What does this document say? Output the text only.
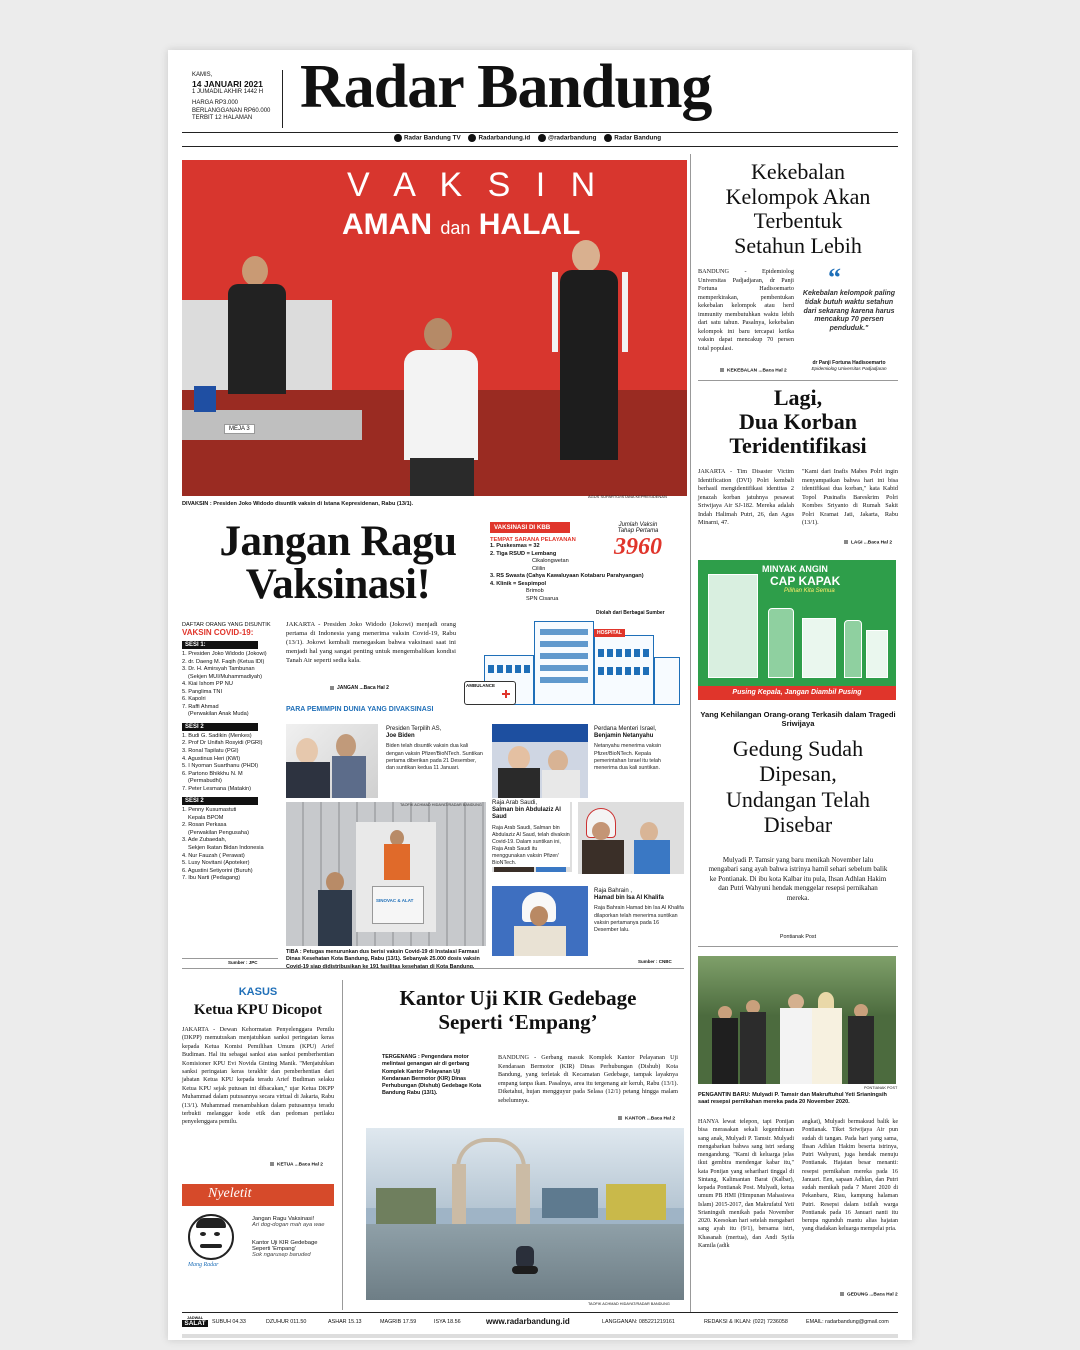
KAMIS,
14 JANUARI 2021
1 JUMADIL AKHIR 1442 H
HARGA RP3.000
BERLANGGANAN RP60.000
TERBIT 12 HALAMAN Radar Bandung
Radar Bandung TV	Radarbandung.id	@radarbandung	Radar Bandung
V A K S I N
AMAN dan HALAL
MEJA 3
DIVAKSIN : Presiden Joko Widodo disuntik vaksin di Istana Kepresidenan, Rabu (13/1).
AGUS SUPARTO/ISTANA KEPRESIDENAN
Jangan Ragu
Vaksinasi!
VAKSINASI DI KBB
TEMPAT SARANA PELAYANAN
1. Puskesmas = 32
2. Tiga RSUD = Lembang
Cikalongwetan
Cililin
3. RS Swasta (Cahya Kawaluyaan Kotabaru Parahyangan)
4. Klinik = Sespimpol
Brimob
SPN Cisarua
Jumlah Vaksin
Tahap Pertama
3960
Diolah dari Berbagai Sumber
HOSPITAL
AMBULANCE
DAFTAR ORANG YANG DISUNTIK
VAKSIN COVID-19:
SESI 1:
1. Presiden Joko Widodo (Jokowi)
2. dr. Daeng M. Faqih (Ketua IDI)
3. Dr. H. Amirsyah Tambunan
(Sekjen MUI/Muhammadiyah)
4. Kiai Ishom PP NU
5. Panglima TNI
6. Kapolri
7. Raffi Ahmad
(Perwakilan Anak Muda)
SESI 2
1. Budi G. Sadikin (Menkes)
2. Prof Dr Unifah Rosyidi (PGRI)
3. Ronal Tapilatu (PGI)
4. Agustinus Heri (KWI)
5. I Nyoman Suarthanu (PHDI)
6. Partono Bhikkhu N. M
(Permabudhi)
7. Peter Lesmana (Matakin)
SESI 2
1. Penny Kusumastuti
Kepala BPOM
2. Rosan Perkasa
(Perwakilan Pengusaha)
3. Ade Zubaedah,
Sekjen Ikatan Bidan Indonesia
4. Nur Fauzah ( Perawat)
5. Lusy Novitani (Apoteker)
6. Agustini Setiyorini (Buruh)
7. Ibu Narti (Pedagang)
Sumber : JPC
JAKARTA - Presiden Joko Widodo (Jokowi) menjadi orang pertama di Indonesia yang menerima vaksin Covid-19, Rabu (13/1). Jokowi kembali menegaskan bahwa vaksinasi saat ini menjadi hal yang sangat penting untuk mengembalikan kondisi Tanah Air seperti sedia kala.
JANGAN ...Baca Hal 2
PARA PEMIMPIN DUNIA YANG DIVAKSINASI
Presiden Terpilih AS,
Joe Biden
Biden telah disuntik vaksin dua kali dengan vaksin Pfizer/BioNTech. Suntikan pertama diberikan pada 21 Desember, dan suntikan kedua 11 Januari.
Perdana Menteri Israel,
Benjamin Netanyahu
Netanyahu menerima vaksin Pfizer/BioNTech. Kepala pemerintahan Israel itu telah menerima dua kali suntikan.
SINOVAC & ALAT
TAOFIK ACHMAD HIDAYAT/RADAR BANDUNG
TIBA : Petugas menurunkan dus berisi vaksin Covid-19 di Instalasi Farmasi Dinas Kesehatan Kota Bandung, Rabu (13/1). Sebanyak 25.000 dosis vaksin Covid-19 siap didistribusikan ke 191 fasilitas kesehatan di Kota Bandung.
Raja Arab Saudi,
Salman bin Abdulaziz Al Saud
Raja Arab Saudi, Salman bin Abdulaziz Al Saud, telah divaksin Covid-19. Dalam suntikan ini, Raja Arab Saudi itu menggunakan vaksin Pfizer/ BioNTech.
Raja Bahrain ,
Hamad bin Isa Al Khalifa
Raja Bahrain Hamad bin Isa Al Khalifa dilaporkan telah menerima suntikan vaksin pertamanya pada 16 Desember lalu.
Sumber : CNBC
Kekebalan
Kelompok Akan
Terbentuk
Setahun Lebih
BANDUNG - Epidemiolog Universitas Padjadjaran, dr Panji Fortuna Hadisoemarto memperkirakan, pembentukan kekebalan kelompok atau herd immunity membutuhkan waktu lebih dari satu tahun. Pasalnya, kekebalan kelompok ini baru tercapai ketika vaksin dapat mencakup 70 persen total populasi.
KEKEBALAN ...Baca Hal 2
“
Kekebalan kelompok paling tidak butuh waktu setahun dari sekarang karena harus mencakup 70 persen penduduk."
dr Panji Fortuna Hadisoemarto
Epidemiolog Universitas Padjadjaran
Lagi,
Dua Korban
Teridentifikasi
JAKARTA - Tim Disaster Victim Identification (DVI) Polri kembali berhasil mengidentifikasi identitas 2 jenazah korban jatuhnya pesawat Sriwijaya Air SJ-182. Mereka adalah Indah Halimah Putri, 26, dan Agus Minarni, 47.
"Kami dari Inafis Mabes Polri ingin menyampaikan bahwa hari ini bisa identifikasi dua korban," kata Kabid Topol Pusinafis Bareskrim Polri Kombes Sriyanto di Rumah Sakit Polri Kramat Jati, Jakarta, Rabu (13/1).
LAGI ...Baca Hal 2
MINYAK ANGIN
CAP KAPAK
Pilihan Kita Semua
Pusing Kepala, Jangan Diambil Pusing
Yang Kehilangan Orang-orang Terkasih dalam Tragedi Sriwijaya
Gedung Sudah
Dipesan,
Undangan Telah
Disebar
Mulyadi P. Tamsir yang baru menikah November lalu mengabari sang ayah bahwa istrinya hamil sehari sebelum balik ke Pontianak. Di ibu kota Kalbar itu pula, Ihsan Adhlan Hakim dan Putri Wahyuni hendak menggelar resepsi pernikahan mereka.
Pontianak Post
PONTIANAK POST
PENGANTIN BARU: Mulyadi P. Tamsir dan Makruftuhul Yeti Srianingsih saat resepsi pernikahan mereka pada 20 November 2020.
HANYA lewat telepon, tapi Ponijan bisa merasakan sekali kegembiraan sang anak, Mulyadi P. Tamsir. Mulyadi mengabarkan bahwa sang istri sedang mengandung. "Kami di keluarga jelas ikut gembira mendengar kabar itu," kata Ponijan yang seharihari tinggal di Sintang, Kalimantan Barat (Kalbar), kepada Pontianak Post. Mulyadi, ketua umum PB HMI (Himpunan Mahasiswa Islam) 2015-2017, dan Makrufatul Yeti Srianingsih menikah pada November 2020. Keesokan hari setelah mengabari sang ayah itu (9/1), bersama istri, Khasanah (mertua), dan Andi Syifa Kamila (adik
angkat), Mulyadi bermaksud balik ke Pontianak. Tiket Sriwijaya Air pun sudah di tangan. Pada hari yang sama, Ihsan Adhlan Hakim beserta istrinya, Putri Wahyuni, juga hendak menuju Pontianak. Hajatan besar menanti: resepsi pernikahan mereka pada 16 Januari. Een, sapaan Adhlan, dan Putri sudah menikah pada 7 Maret 2020 di Pekanbaru, Riau, kampung halaman Putri. Resepsi dalam istilah warga Pontianak pada 16 Januari nanti itu berupa ngunduh mantu alias hajatan yang diadakan keluarga mempelai pria.
GEDUNG ...Baca Hal 2
KASUS
Ketua KPU Dicopot
JAKARTA - Dewan Kehormatan Penyelenggara Pemilu (DKPP) memutuskan menjatuhkan sanksi peringatan keras kepada Ketua Komisi Pemilihan Umum (KPU) Arief Budiman. Hal itu sebagai sanksi atas sanksi pemberhentian Komisioner KPU Evi Novida Ginting Manik. "Menjatuhkan sanksi peringatan keras terakhir dan pemberhentian dari jabatan Ketua KPU kepada teradu Arief Budiman selaku Ketua KPU sejak putusan ini dibacakan," ujar Ketua DKPP Muhammad dalam putusannya secara virtual di Jakarta, Rabu (13/1). Muhammad menambahkan dalam putusannya teradu terbukti melanggar kode etik dan pedoman perilaku penyelenggara pemilu.
KETUA ...Baca Hal 2
Nyeletit
Mang Radar
Jangan Ragu Vaksinasi!
Ari dog-dogan mah aya wae
Kantor Uji KIR Gedebage Seperti 'Empang'
Sok ngarusep baruded
Kantor Uji KIR Gedebage
Seperti ‘Empang’
TERGENANG : Pengendara motor melintasi genangan air di gerbang Komplek Kantor Pelayanan Uji Kendaraan Bermotor (KIR) Dinas Perhubungan (Dishub) Gedebage Kota Bandung Rabu (13/1).
BANDUNG - Gerbang masuk Komplek Kantor Pelayanan Uji Kendaraan Bermotor (KIR) Dinas Perhubungan (Dishub) Kota Bandung, yang terletak di Kecamatan Gedebage, tampak layaknya empang tanpa ikan. Pasalnya, area itu tergenang air keruh, Rabu (13/1). Diketahui, hujan mengguyur pada Selasa (12/1) petang hingga malam sebelumnya.
KANTOR ...Baca Hal 2
TAOFIK ACHMAD HIDAYAT/RADAR BANDUNG
JADWAL
SALAT	SUBUH 04.33	DZUHUR 011.50	ASHAR 15.13	MAGRIB 17.59	ISYA 18.56	www.radarbandung.id	LANGGANAN: 085221219161	REDAKSI & IKLAN: (022) 7236058	EMAIL: radarbandung@gmail.com
